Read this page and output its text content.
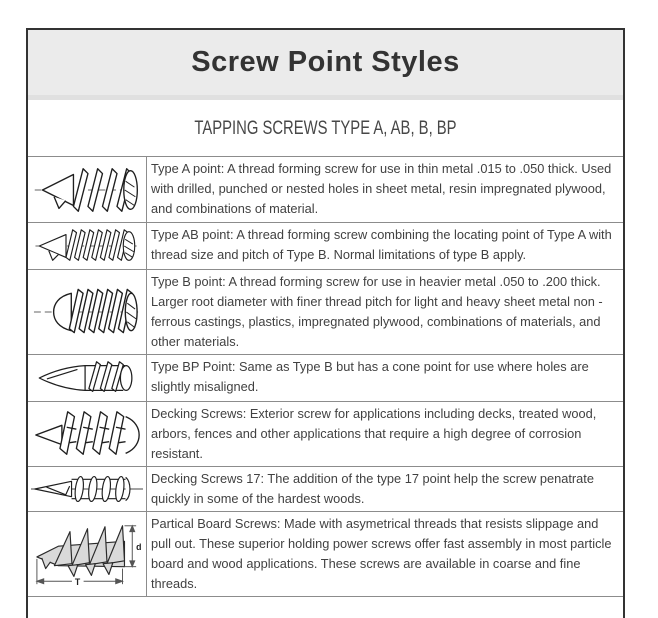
Screw Point Styles
TAPPING SCREWS TYPE A, AB, B, BP
Type A point: A thread forming screw for use in thin metal .015 to .050 thick. Used with drilled, punched or nested holes in sheet metal, resin impregnated plywood, and combinations of material.
Type AB point: A thread forming screw combining the locating point of Type A with thread size and pitch of Type B. Normal limitations of type B apply.
Type B point: A thread forming screw for use in heavier metal .050 to .200 thick. Larger root diameter with finer thread pitch for light and heavy sheet metal non - ferrous castings, plastics, impregnated plywood, combinations of materials, and other materials.
Type BP Point: Same as Type B but has a cone point for use where holes are slightly misaligned.
Decking Screws: Exterior screw for applications including decks, treated wood, arbors, fences and other applications that require a high degree of corrosion resistant.
Decking Screws 17: The addition of the type 17 point help the screw penatrate quickly in some of the hardest woods.
d
T
Partical Board Screws: Made with asymetrical threads that resists slippage and pull out. These superior holding power screws offer fast assembly in most particle board and wood applications. These screws are available in coarse and fine threads.
